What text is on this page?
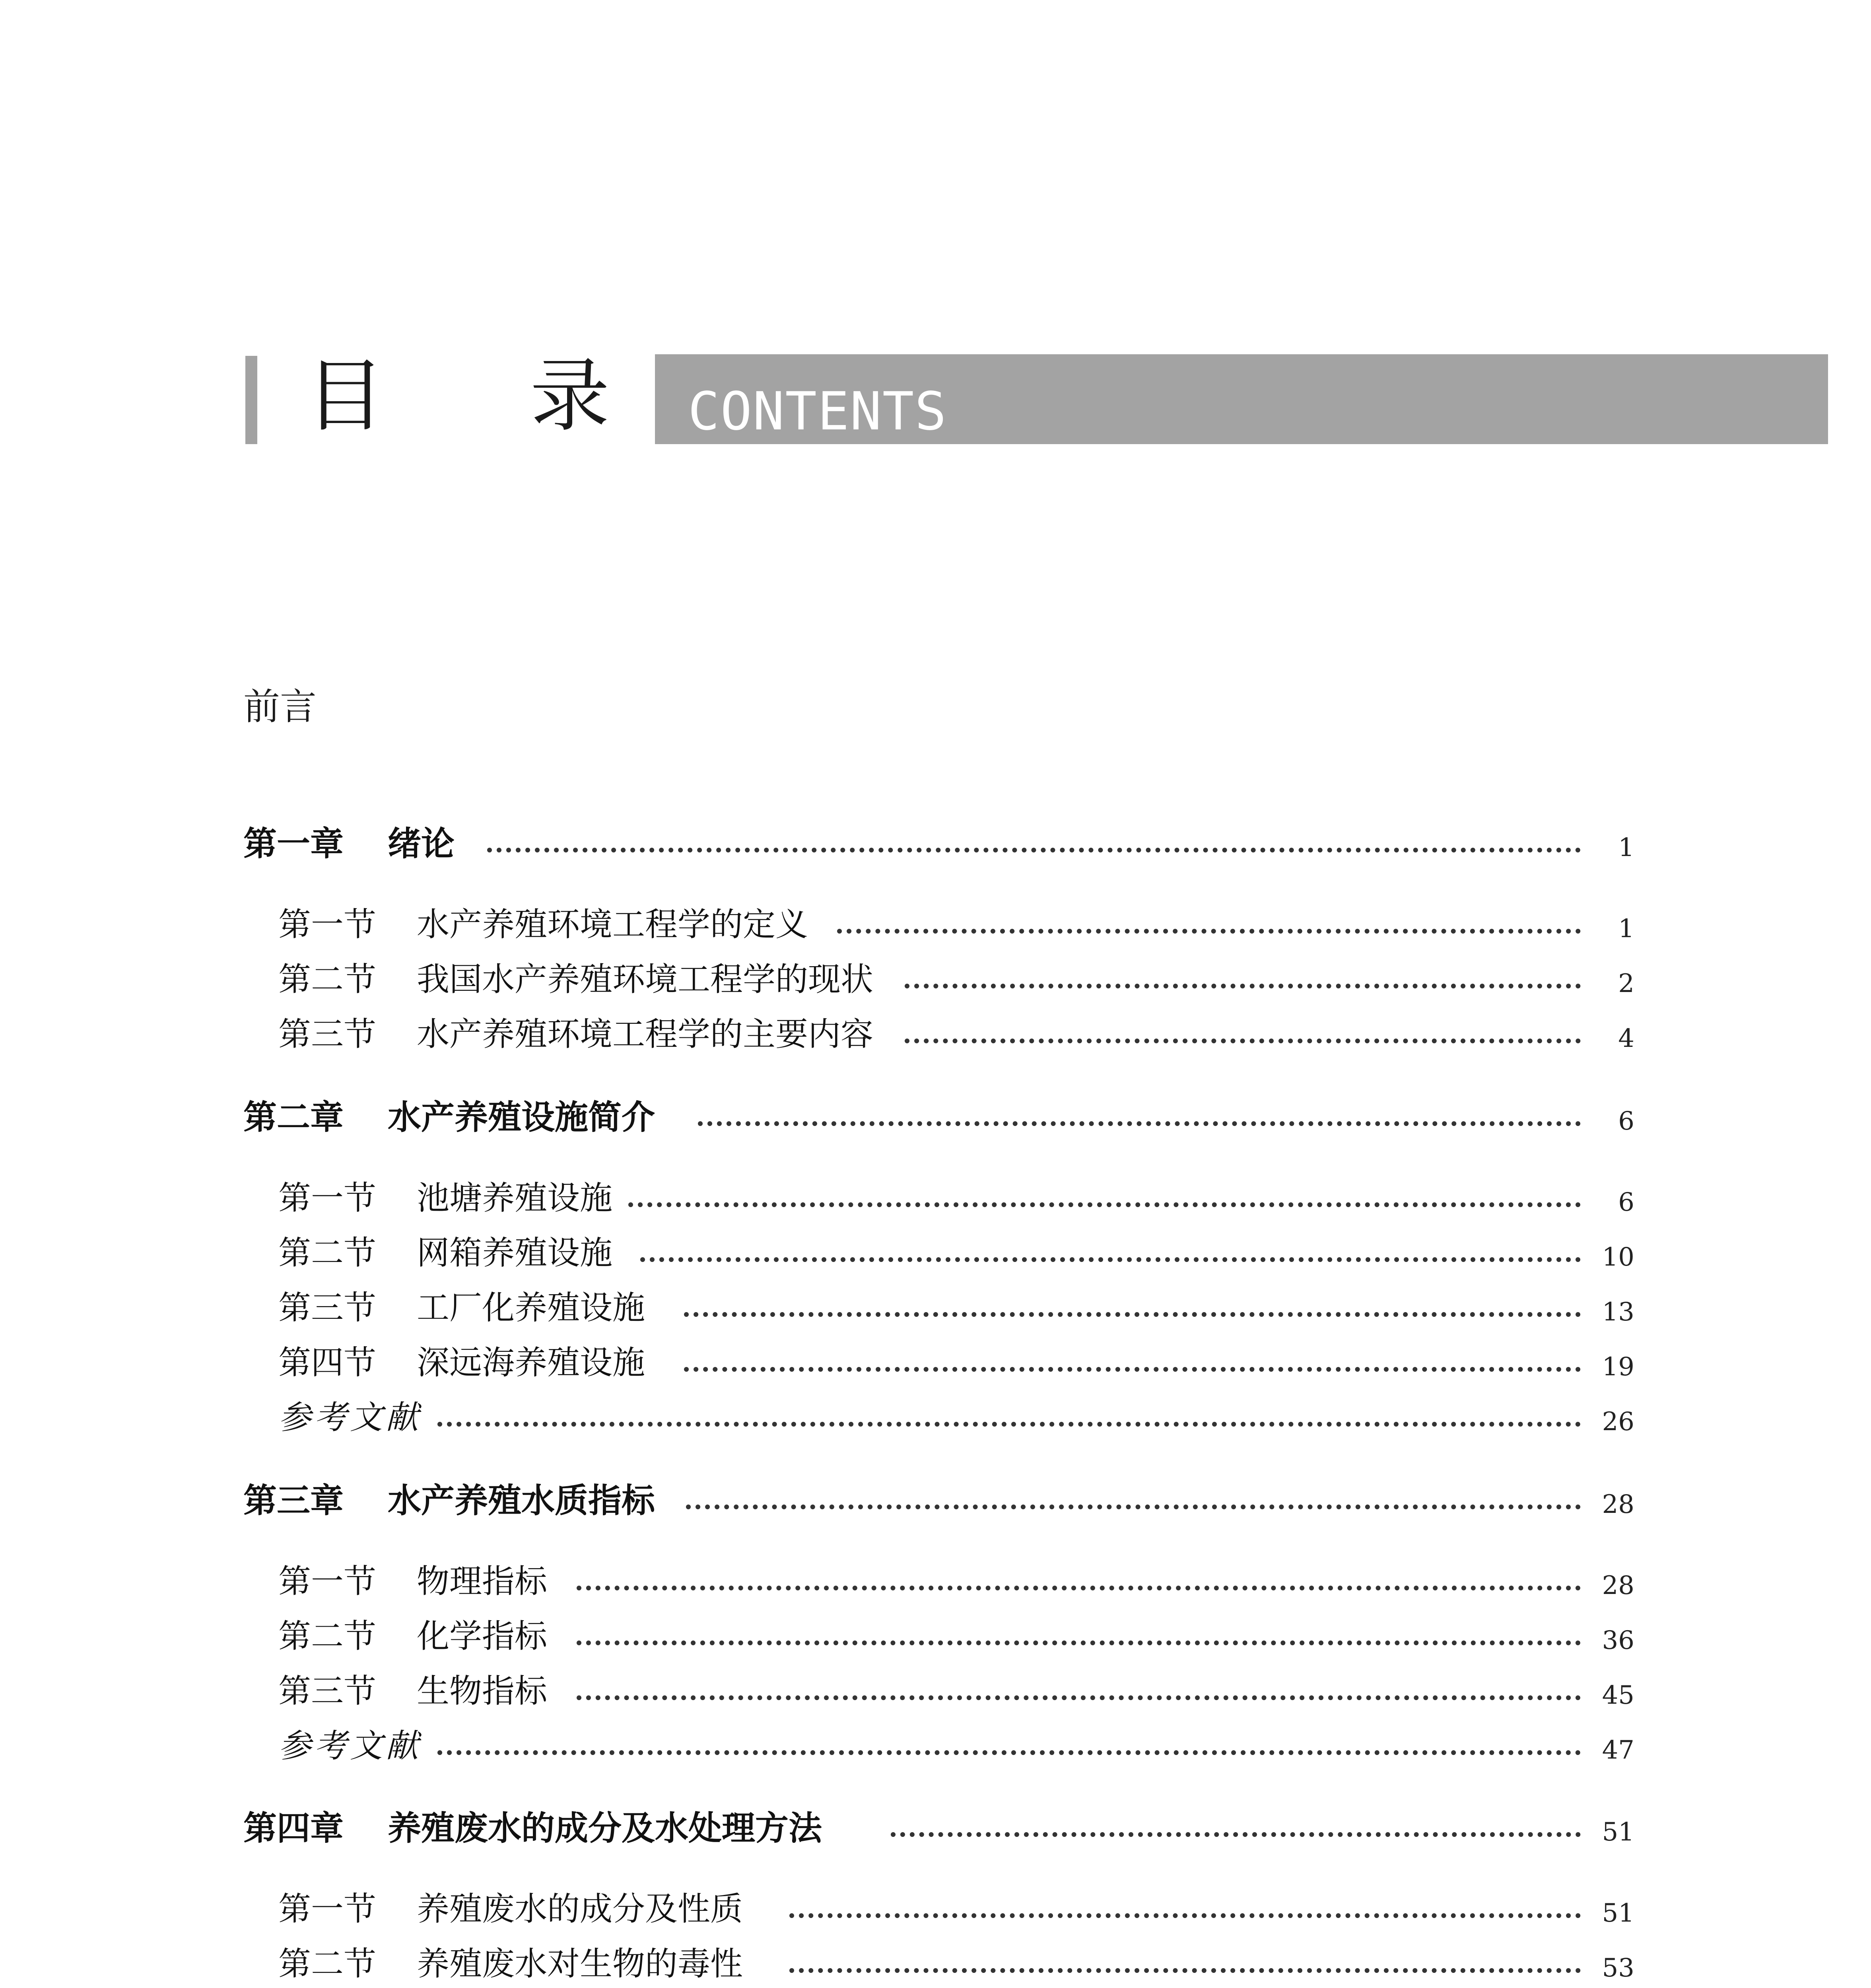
目 录 CONTENTS
前言
第一章 绪论	1
第一节 水产养殖环境工程学的定义	1
第二节 我国水产养殖环境工程学的现状	2
第三节 水产养殖环境工程学的主要内容	4
第二章 水产养殖设施简介	6
第一节 池塘养殖设施	6
第二节 网箱养殖设施	10
第三节 工厂化养殖设施	13
第四节 深远海养殖设施	19
参考文献	26
第三章 水产养殖水质指标	28
第一节 物理指标	28
第二节 化学指标	36
第三节 生物指标	45
参考文献	47
第四章 养殖废水的成分及水处理方法	51
第一节 养殖废水的成分及性质	51
第二节 养殖废水对生物的毒性	53
